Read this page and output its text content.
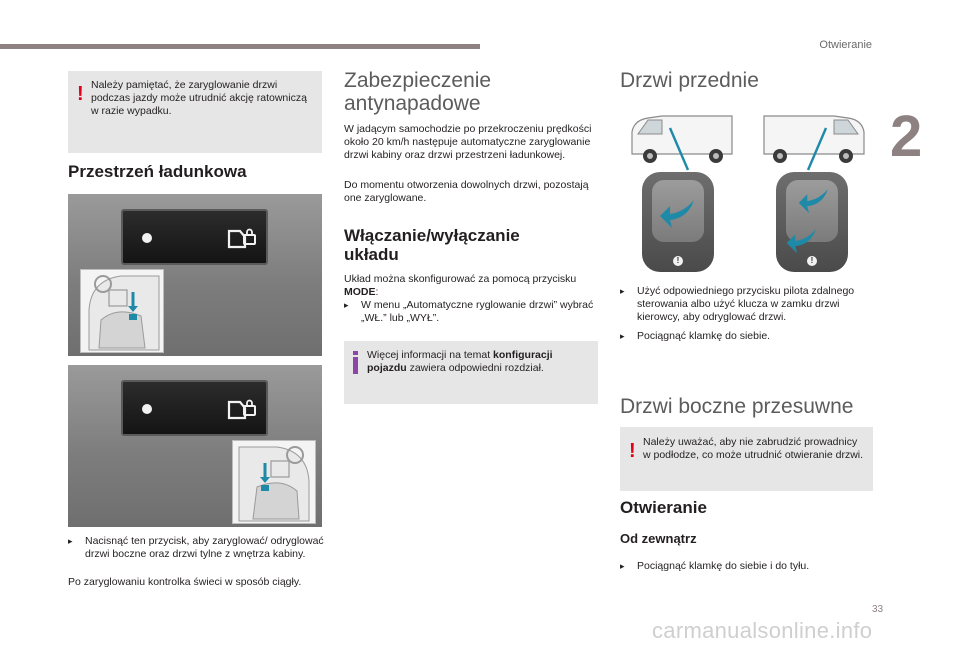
Otwieranie
2
! Należy pamiętać, że zaryglowanie drzwi podczas jazdy może utrudnić akcję ratowniczą w razie wypadku.
Przestrzeń ładunkowa
▸	Nacisnąć ten przycisk, aby zaryglować/ odryglować drzwi boczne oraz drzwi tylne z wnętrza kabiny.
Po zaryglowaniu kontrolka świeci w sposób ciągły.
Zabezpieczenie antynapadowe
W jadącym samochodzie po przekroczeniu prędkości około 20 km/h następuje automatyczne zaryglowanie drzwi kabiny oraz drzwi przestrzeni ładunkowej.
Do momentu otworzenia dowolnych drzwi, pozostają one zaryglowane.
Włączanie/wyłączanie układu
Układ można skonfigurować za pomocą przycisku MODE:
▸	W menu „Automatyczne ryglowanie drzwi” wybrać „WŁ.” lub „WYŁ”.
Więcej informacji na temat konfiguracji pojazdu zawiera odpowiedni rozdział.
Drzwi przednie
!	!
▸	Użyć odpowiedniego przycisku pilota zdalnego sterowania albo użyć klucza w zamku drzwi kierowcy, aby odryglować drzwi.
▸	Pociągnąć klamkę do siebie.
Drzwi boczne przesuwne
! Należy uważać, aby nie zabrudzić prowadnicy w podłodze, co może utrudnić otwieranie drzwi.
Otwieranie
Od zewnątrz
▸	Pociągnąć klamkę do siebie i do tyłu.
33
carmanualsonline.info
